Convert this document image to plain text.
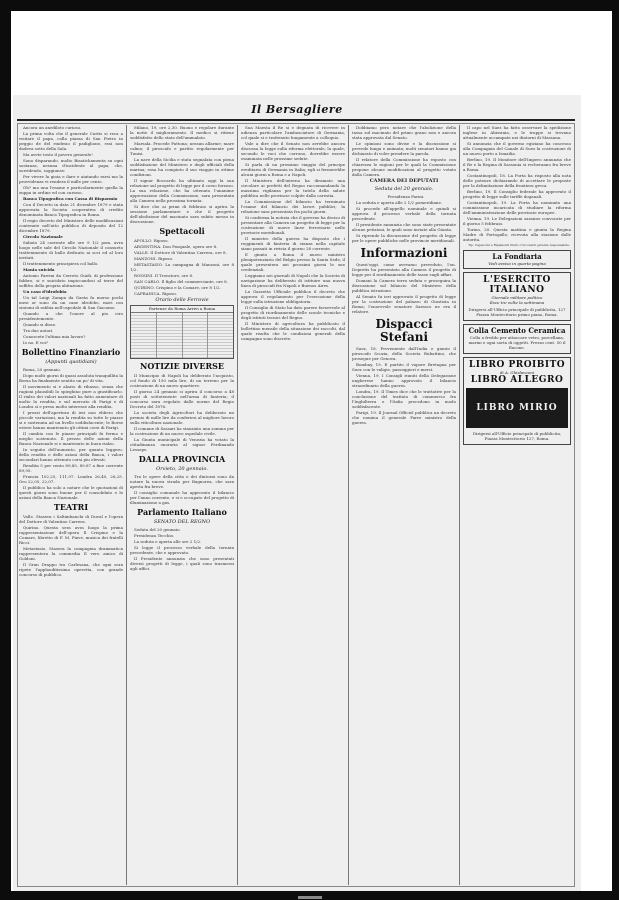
Il Bersagliere

Ancora un anediloto curioso.

La prima volta che il generale Curtis si reca a visitare il papa, colla piazza di San Pietro in peggio de del rindesio il padiglione, essi non dadeva sotto della Sala.

Ma avete tosto il povero generale!

Sono disparando, molto Bisatichamenta su ogni sostanza, nesuna d'incidente al papa, che, sorridendo, soggiunse:

Per vivere la gioia e ilare e aiutando rarsi ma la provvidenza vi rendera il mille per cento.

Oh? ma una l'esame e particolarmente quella la zuppa in ordine ed con curioso.

Banca Tipografica con Cassa di Risparmio

Con il Decreto in data 21 dicembre 1879 e stata approvata la Societa cooperativa di credito denominata Banca Tipografica in Roma.

Il regio decreto del Ministero delle modificazioni contenute nell'atto pubblico di deposito del 12 dicembre 1879.

Circolo Nazionale

Sabato 24 corrente alle ore 9 1/2 pom. avra luogo nelle sale del Circolo Nazionale il consueto trattenimento di ballo dedicato ai soci ed al loro invitati.

Il trattenimento principiera col ballo.

Mania suicida

Antonio Parrini da Cerreto Guidi, di professione fabbro, si e suicidato impiccandosi al trave del soffitto della propria abitazione.

Un caso d'idrofobia

Un tal Luigi Zampa da Gaeta fu morso pochi mesi or sono da un cane idrofobo, mori con sintomi di rabbia nell'ospedale di San Giacomo.

Quando a che l'onore al pio ciro presidentemente.

Quando si disse.

Tra due autori.

Conoscete l'ultima mia lavoro?

Io no. E voi?

Bollettino Finanziario
(Appunti quotidiani)

Roma, 20 gennaio.

Dopo molti giorni di quasi assoluta tranquillita la Borsa ha finalmente sentito un po' di vita.

Il movimento si e alzato di ribasso, senza che ragioni plausibili lo spieghino pure a giustificarlo. Il rialzo dei valori nazionali ha fatto aumentare di molto la rendita, e sul mercato di Parigi e di Londra si e preso molto interesse alla rendita.

I prezzi dell'apertura di ieri non ebbero che piccole variazioni, ma la rendita su tutte le piazze si e sostenuta ad un livello soddisfacente; le Borse estere hanno mantenuto gli ottimi corsi di Parigi.

Il cambio con le piazze principali fu fermo e meglio sostenuto. Il prezzo delle azioni della Banca Nazionale si e mantenuto in buon rialzo.

In seguito dell'aumento, per quanto leggero, della rendita e delle azioni della Banca, i valori secondari hanno ottenuto corsi piu elevati.

Rendita 5 per cento 89,85, 89,87 a fine corrente 89,95.

Francia 102,25, 111,97. Londra 26,40, 26,25. Oro 22,05, 22,07.

Il pubblico ha solo a notare che le quotazioni di questi giorni sono buone per il consolidato e le azioni della Banca Nazionale.

TEATRI

Valle. Stasera i Saltimbanchi di Duval e l'opera del Dottore di Valentino Carrera.

Quirino. Questa sera avra luogo la prima rappresentazione dell'opera Il Crispino e la Comare, libretto di F. M. Piave, musica dei fratelli Ricci.

Metastasio. Stasera la compagnia drammatica rappresentera la commedia Il vero amico di Goldoni.

Il Gran Drappo tra Carlesana, che ogni sera ripete l'applauditissima operetta, con grande concorso di pubblico.

Milano, 19, ore 2,30. Buono e regolare durante la notte il miglioramento. Il medico si ritiene soddisfatto dello stato dell'ammalato.

Marsala. Procede Pattona; nessun allarme; mare calmo; il piroscafo e partito regolarmente per Tunisi.

La nave della Sicilia e stata segnalata con piena soddisfazione del Ministero e degli ufficiali della marina; essa ha compiuto il suo viaggio in ottime condizioni.

Il signor Boccardo ha ultimato oggi la sua relazione sul progetto di legge per il corso forzoso. La sua relazione, che ha ottenuto l'unanime approvazione della Commissione, sara presentata alla Camera nella prossima tornata.

Si dice che ai primi di febbraio si aprira la sessione parlamentare e che il progetto dell'abolizione del macinato sara subito messo in discussione.

Spettacoli

APOLLO. Riposo.

ARGENTINA. Don Pasquale, opera ore 8.

VALLE. Il Dottore di Valentino Carrera, ore 8.

MANZONI. Riposo.

METASTASIO. La campagna di Manzoni, ore 8 1/2.

ROSSINI. Il Trovatore, ore 8.

SAN CARLO. Il figlio del commerciante, ore 8.

QUIRINO. Crispino e la Comare, ore 8 1/2.

CAPRANICA. Riposo.

Orario delle Ferrovie
Partenze da Roma Arrivi a Roma
NOTIZIE DIVERSE

Il Municipio di Napoli ha deliberato l'acquisto, col fondo di 150 mila lire, di un terreno per la costruzione di un nuovo quartiere.

Il giorno 24 gennaio si aprira il concorso a 48 posti di sottotenente nell'arma di fanteria; il concorso sara regolato dalle norme del Regio Decreto del 1876.

La societa degli Agricoltori ha deliberato un premio di mille lire da conferirsi al migliore lavoro sulla viticoltura nazionale.

Il comune di Sassari ha stanziato una somma per la costruzione di un nuovo ospedale civile.

La Giunta municipale di Venezia ha votato la cittadinanza onoraria al signor Ferdinando Lesseps.

DALLA PROVINCIA
Orvieto, 20 gennaio.

Tra le opere della citta e dei dintorni sono da notare la nuova strada per Bagnorea, che sara aperta fra breve.

Il consiglio comunale ha approvato il bilancio per l'anno corrente, e si e occupato del progetto di illuminazione a gas.

Parlamento Italiano
SENATO DEL REGNO

Seduta del 20 gennaio.

Presidenza Tecchio.

La seduta e aperta alle ore 2 1/2.

Si legge il processo verbale della tornata precedente, che e approvato.

Il Presidente annunzia che sono presentati diversi progetti di legge, i quali sono trasmessi agli uffici.

Sua Maesta il Re si e degnata di ricevere in udienza particolare l'ambasciatore di Germania, col quale si e trattenuto lungamente a colloquio.

Vale a dire che il Senato non avrebbe ancora discussa la legge sulla riforma elettorale, la quale, secondo le voci che corrono, dovrebbe essere esaminata nelle prossime sedute.

Si parla di un prossimo viaggio del principe ereditario di Germania in Italia; egli si fermerebbe alcuni giorni a Roma e a Napoli.

Il Ministero dell'interno ha diramato una circolare ai prefetti del Regno raccomandando la massima vigilanza per la tutela della salute pubblica nelle provincie colpite dalla carestia.

La Commissione del bilancio ha terminato l'esame del bilancio dei lavori pubblici; la relazione sara presentata fra pochi giorni.

Si conferma la notizia che il governo ha deciso di presentare alla Camera un progetto di legge per la costruzione di nuove linee ferroviarie nelle provincie meridionali.

Il ministro della guerra ha disposto che i reggimenti di fanteria di stanza nella capitale siano passati in rivista il giorno 28 corrente.

E giunto a Roma il nuovo ministro plenipotenziario del Belgio presso la Santa Sede, il quale presentera nei prossimi giorni le sue credenziali.

Leggiamo nei giornali di Napoli che la Societa di navigazione ha deliberato di istituire una nuova linea di piroscafi fra Napoli e Buenos Aires.

La Gazzetta Ufficiale pubblica il decreto che approva il regolamento per l'esecuzione della legge sulla istruzione obbligatoria.

Il Consiglio di Stato ha dato parere favorevole al progetto di riordinamento delle scuole tecniche e degli istituti tecnici del Regno.

Il Ministero di agricoltura ha pubblicato il bollettino mensile della situazione dei raccolti, dal quale risulta che le condizioni generali della campagna sono discrete.

Dobbiamo pero notare che l'abolizione della tassa sul macinato del primo grano non e ancora stata approvata dal Senato.

Le opinioni sono divise e la discussione si prevede lunga e animata; molti senatori hanno gia dichiarato di voler prendere la parola.

Il relatore della Commissione ha esposto con chiarezza le ragioni per le quali la Commissione propone alcune modificazioni al progetto votato dalla Camera.

CAMERA DEI DEPUTATI
Seduta del 20 gennaio.

Presidenza Farini.

La seduta e aperta alle 2 1/2 pomeridiane.

Si procede all'appello nominale e quindi si approva il processo verbale della tornata precedente.

Il presidente annunzia che sono state presentate alcune petizioni, le quali sono inviate alla Giunta.

Si riprende la discussione del progetto di legge per le opere pubbliche nelle provincie meridionali.

Informazioni

Quest'oggi, come avevamo preveduto, l'on. Depretis ha presentato alla Camera il progetto di legge per il riordinamento delle tasse sugli affari.

Domani la Camera terra seduta e proseguira la discussione sul bilancio del Ministero della pubblica istruzione.

Al Senato fu ieri approvato il progetto di legge per la costruzione del palazzo di Giustizia in Roma; l'onorevole senatore Sarasco ne era il relatore.

Dispacci Stefani

Suez, 18. Proveniente dall'India e giunto il piroscafo Scozia, della Societa Rubattino, che prosegue per Genova.

Bombay, 19. E partito il vapore Bretagna per Suez con le valigie, passeggieri e merci.

Vienna, 19. I Consigli riuniti della Delegazione ungherese hanno approvato il bilancio straordinario della guerra.

Londra, 19. Il Times dice che le trattative per la conclusione del trattato di commercio fra l'Inghilterra e l'Italia procedono in modo soddisfacente.

Parigi, 19. Il Journal Officiel pubblica un decreto che nomina il generale Farre ministro della guerra.

Il capo nel Suez ha fatto osservare la spedizione inglese in Abissinia, e le truppe si trovano attualmente accampate nei dintorni di Massaua.

Si annunzia che il governo egiziano ha concesso alla Compagnia del Canale di Suez la costruzione di un nuovo porto a Ismailia.

Berlino, 19. Il Monitore dell'Impero annunzia che il Re e la Regina di Sassonia si recheranno fra breve a Roma.

Costantinopoli, 18. La Porta ha risposto alla nota delle potenze dichiarando di accettare le proposte per la delimitazione della frontiera greca.

Berlino, 19. Il Consiglio federale ha approvato il progetto di legge sulle tariffe doganali.

Costantinopoli, 19. La Porta ha nominato una commissione incaricata di studiare la riforma dell'amministrazione delle provincie europee.

Vienna, 19. Le Delegazioni saranno convocate per il giorno 5 febbraio.

Torino, 20. Questa mattina e giunta la Regina Madre di Portogallo, ricevuta alla stazione dalle autorita.

Tip. Capaccini e Ripamonti Pietro Cicconetti gerente responsabile.

La Fondiaria
Vedi avviso in quarta pagina
L'ESERCITO ITALIANO
Giornale militare politico
Esce tre volte la settimana
Dirigersi all'Ufficio principale di pubblicita, 127 Piazza Montecitorio primo piano, Roma.
Colla Cemento Ceramica
Colla a freddo per attaccare vetro, porcellana, marmi e ogni sorta di oggetti. Prezzo cent. 50 il flacone.
LIBRO PROIBITO
di A. Ghislanzoni
LIBRO ALLEGRO
LIBRO MIRIO
Dirigersi all'Ufficio principale di pubblicita, Piazza Montecitorio 127, Roma.
